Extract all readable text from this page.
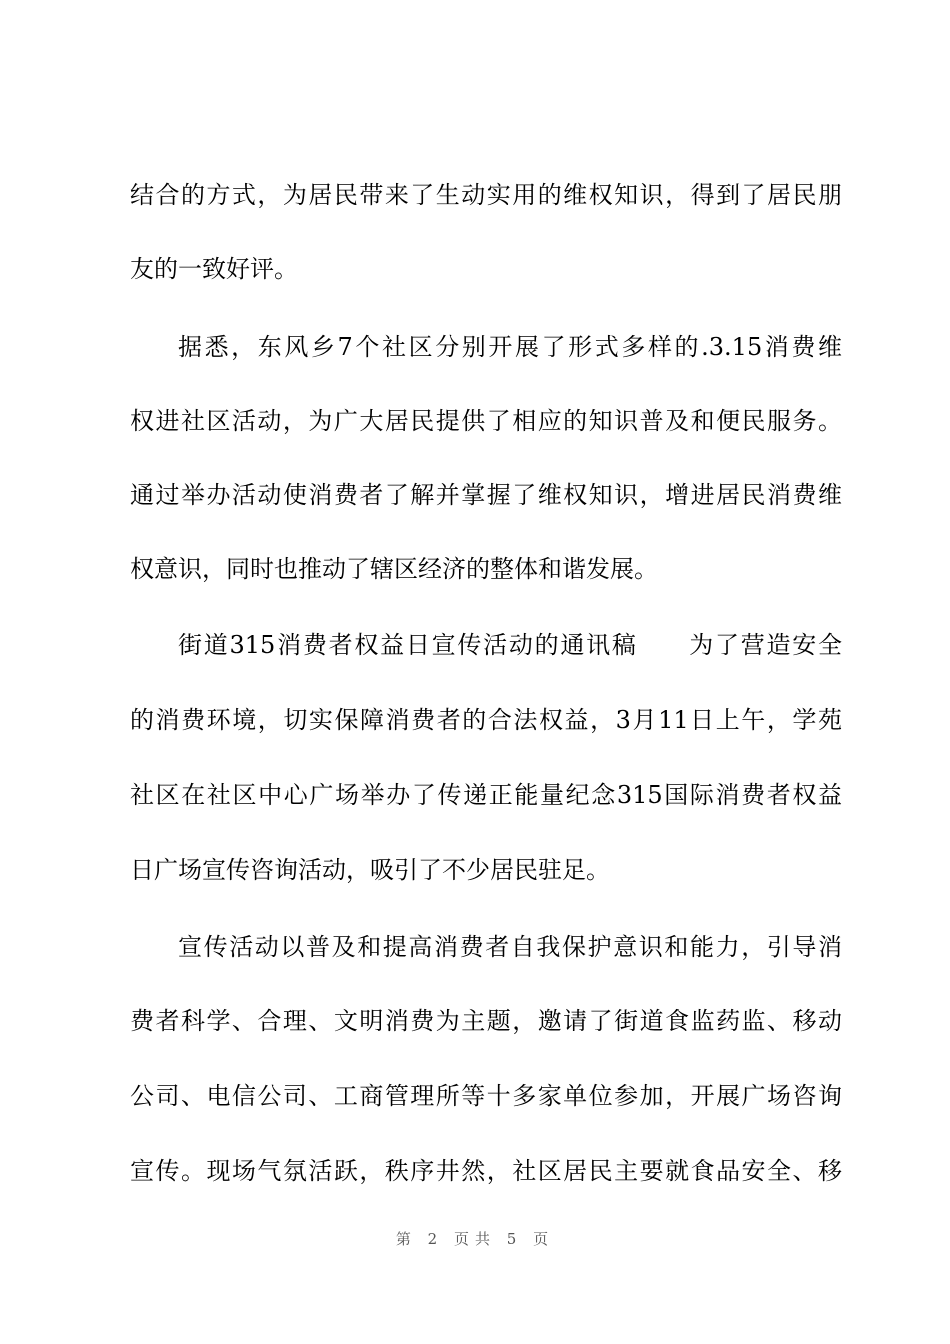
结合的方式，为居民带来了生动实用的维权知识，得到了居民朋
友的一致好评。
据悉，东风乡7个社区分别开展了形式多样的.3.15消费维
权进社区活动，为广大居民提供了相应的知识普及和便民服务。
通过举办活动使消费者了解并掌握了维权知识，增进居民消费维
权意识，同时也推动了辖区经济的整体和谐发展。
街道315消费者权益日宣传活动的通讯稿　　为了营造安全
的消费环境，切实保障消费者的合法权益，3月11日上午，学苑
社区在社区中心广场举办了传递正能量纪念315国际消费者权益
日广场宣传咨询活动，吸引了不少居民驻足。
宣传活动以普及和提高消费者自我保护意识和能力，引导消
费者科学、合理、文明消费为主题，邀请了街道食监药监、移动
公司、电信公司、工商管理所等十多家单位参加，开展广场咨询
宣传。现场气氛活跃，秩序井然，社区居民主要就食品安全、移
第 2 页共 5 页
